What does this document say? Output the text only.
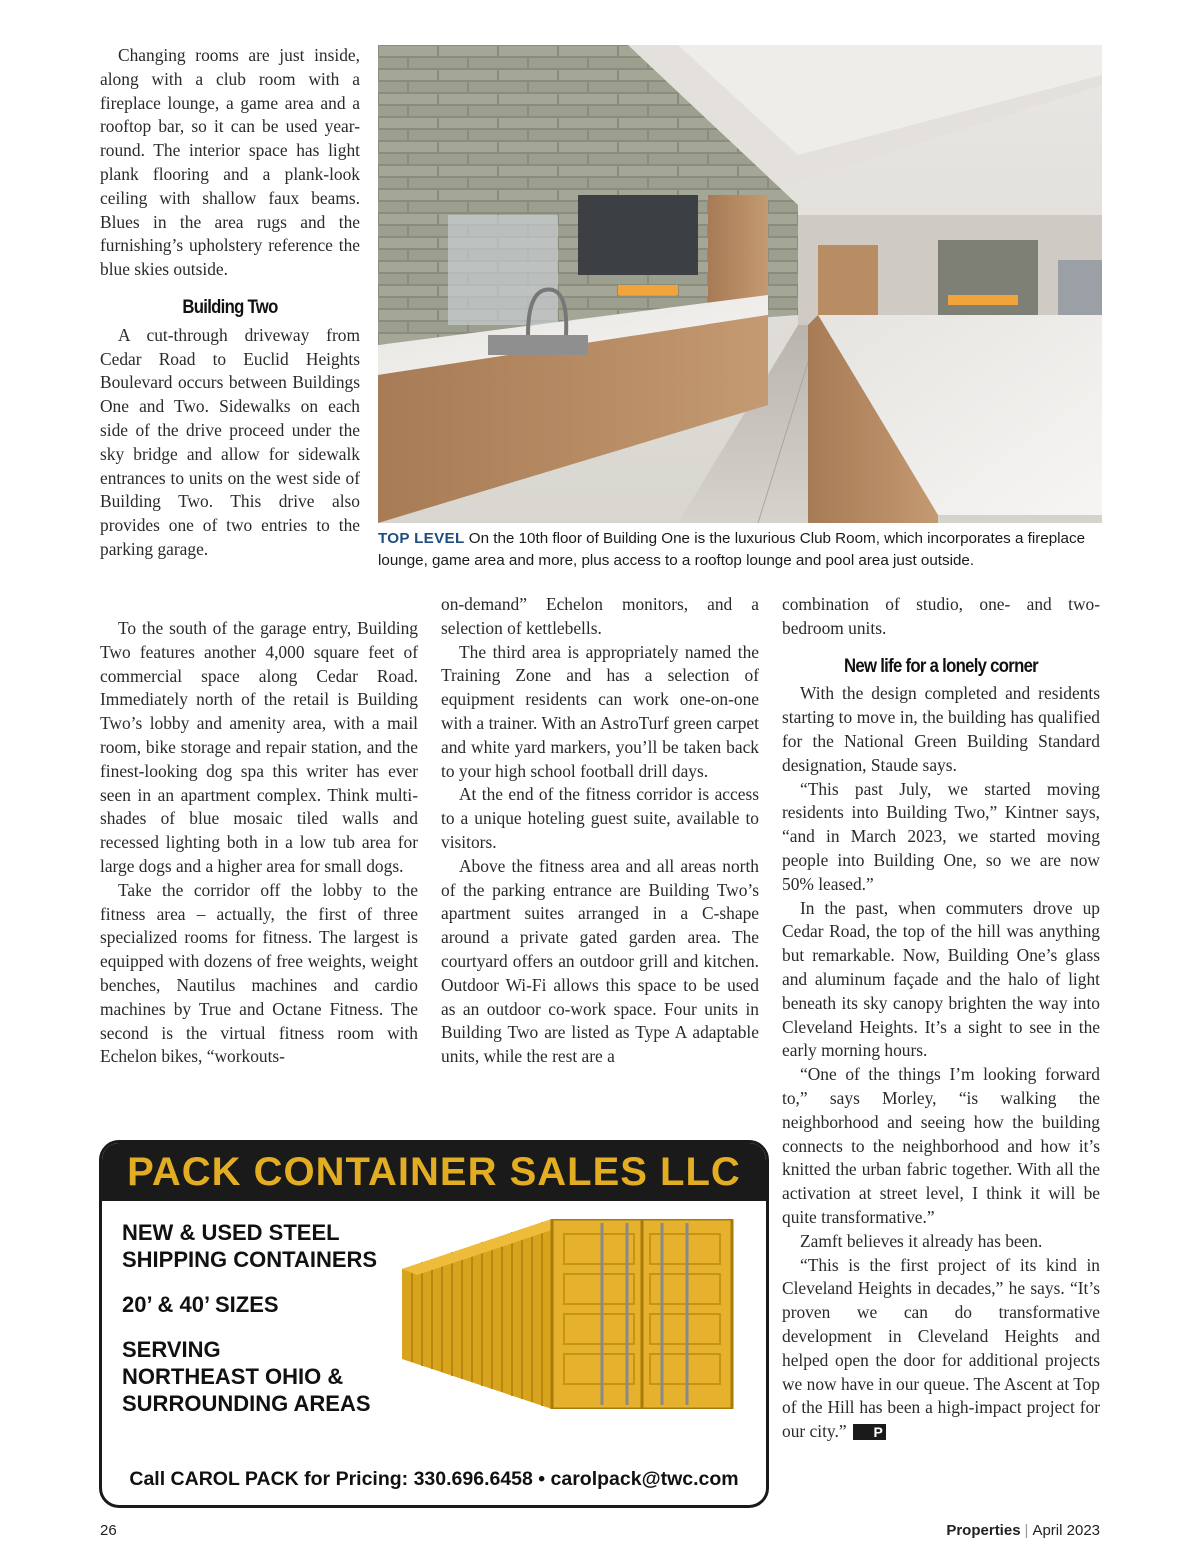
Changing rooms are just inside, along with a club room with a fireplace lounge, a game area and a rooftop bar, so it can be used year-round. The interior space has light plank flooring and a plank-look ceiling with shallow faux beams. Blues in the area rugs and the furnishing’s upholstery reference the blue skies outside.

Building Two

A cut-through driveway from Cedar Road to Euclid Heights Boulevard occurs between Buildings One and Two. Sidewalks on each side of the drive proceed under the sky bridge and allow for sidewalk entrances to units on the west side of Building Two. This drive also provides one of two entries to the parking garage.

To the south of the garage entry, Building Two features another 4,000 square feet of commercial space along Cedar Road. Immediately north of the retail is Building Two’s lobby and amenity area, with a mail room, bike storage and repair station, and the finest-looking dog spa this writer has ever seen in an apartment complex. Think multi-shades of blue mosaic tiled walls and recessed lighting both in a low tub area for large dogs and a higher area for small dogs.

Take the corridor off the lobby to the fitness area – actually, the first of three specialized rooms for fitness. The largest is equipped with dozens of free weights, weight benches, Nautilus machines and cardio machines by True and Octane Fitness. The second is the virtual fitness room with Echelon bikes, “workouts-

TOP LEVEL On the 10th floor of Building One is the luxurious Club Room, which incorporates a fireplace lounge, game area and more, plus access to a rooftop lounge and pool area just outside.

on-demand” Echelon monitors, and a selection of kettlebells.

The third area is appropriately named the Training Zone and has a selection of equipment residents can work one-on-one with a trainer. With an AstroTurf green carpet and white yard markers, you’ll be taken back to your high school football drill days.

At the end of the fitness corridor is access to a unique hoteling guest suite, available to visitors.

Above the fitness area and all areas north of the parking entrance are Building Two’s apartment suites arranged in a C-shape around a private gated garden area. The courtyard offers an outdoor grill and kitchen. Outdoor Wi-Fi allows this space to be used as an outdoor co-work space. Four units in Building Two are listed as Type A adaptable units, while the rest are a

combination of studio, one- and two-bedroom units.

New life for a lonely corner

With the design completed and residents starting to move in, the building has qualified for the National Green Building Standard designation, Staude says.

“This past July, we started moving residents into Building Two,” Kintner says, “and in March 2023, we started moving people into Building One, so we are now 50% leased.”

In the past, when commuters drove up Cedar Road, the top of the hill was anything but remarkable. Now, Building One’s glass and aluminum façade and the halo of light beneath its sky canopy brighten the way into Cleveland Heights. It’s a sight to see in the early morning hours.

“One of the things I’m looking forward to,” says Morley, “is walking the neighborhood and seeing how the building connects to the neighborhood and how it’s knitted the urban fabric together. With all the activation at street level, I think it will be quite transformative.”

Zamft believes it already has been.

“This is the first project of its kind in Cleveland Heights in decades,” he says. “It’s proven we can do transformative development in Cleveland Heights and helped open the door for additional projects we now have in our queue. The Ascent at Top of the Hill has been a high-impact project for our city.” P

PACK CONTAINER SALES LLC
NEW & USED STEEL
SHIPPING CONTAINERS
20’ & 40’ SIZES
SERVING
NORTHEAST OHIO &
SURROUNDING AREAS
Call CAROL PACK for Pricing: 330.696.6458 • carolpack@twc.com
26	Properties | April 2023
